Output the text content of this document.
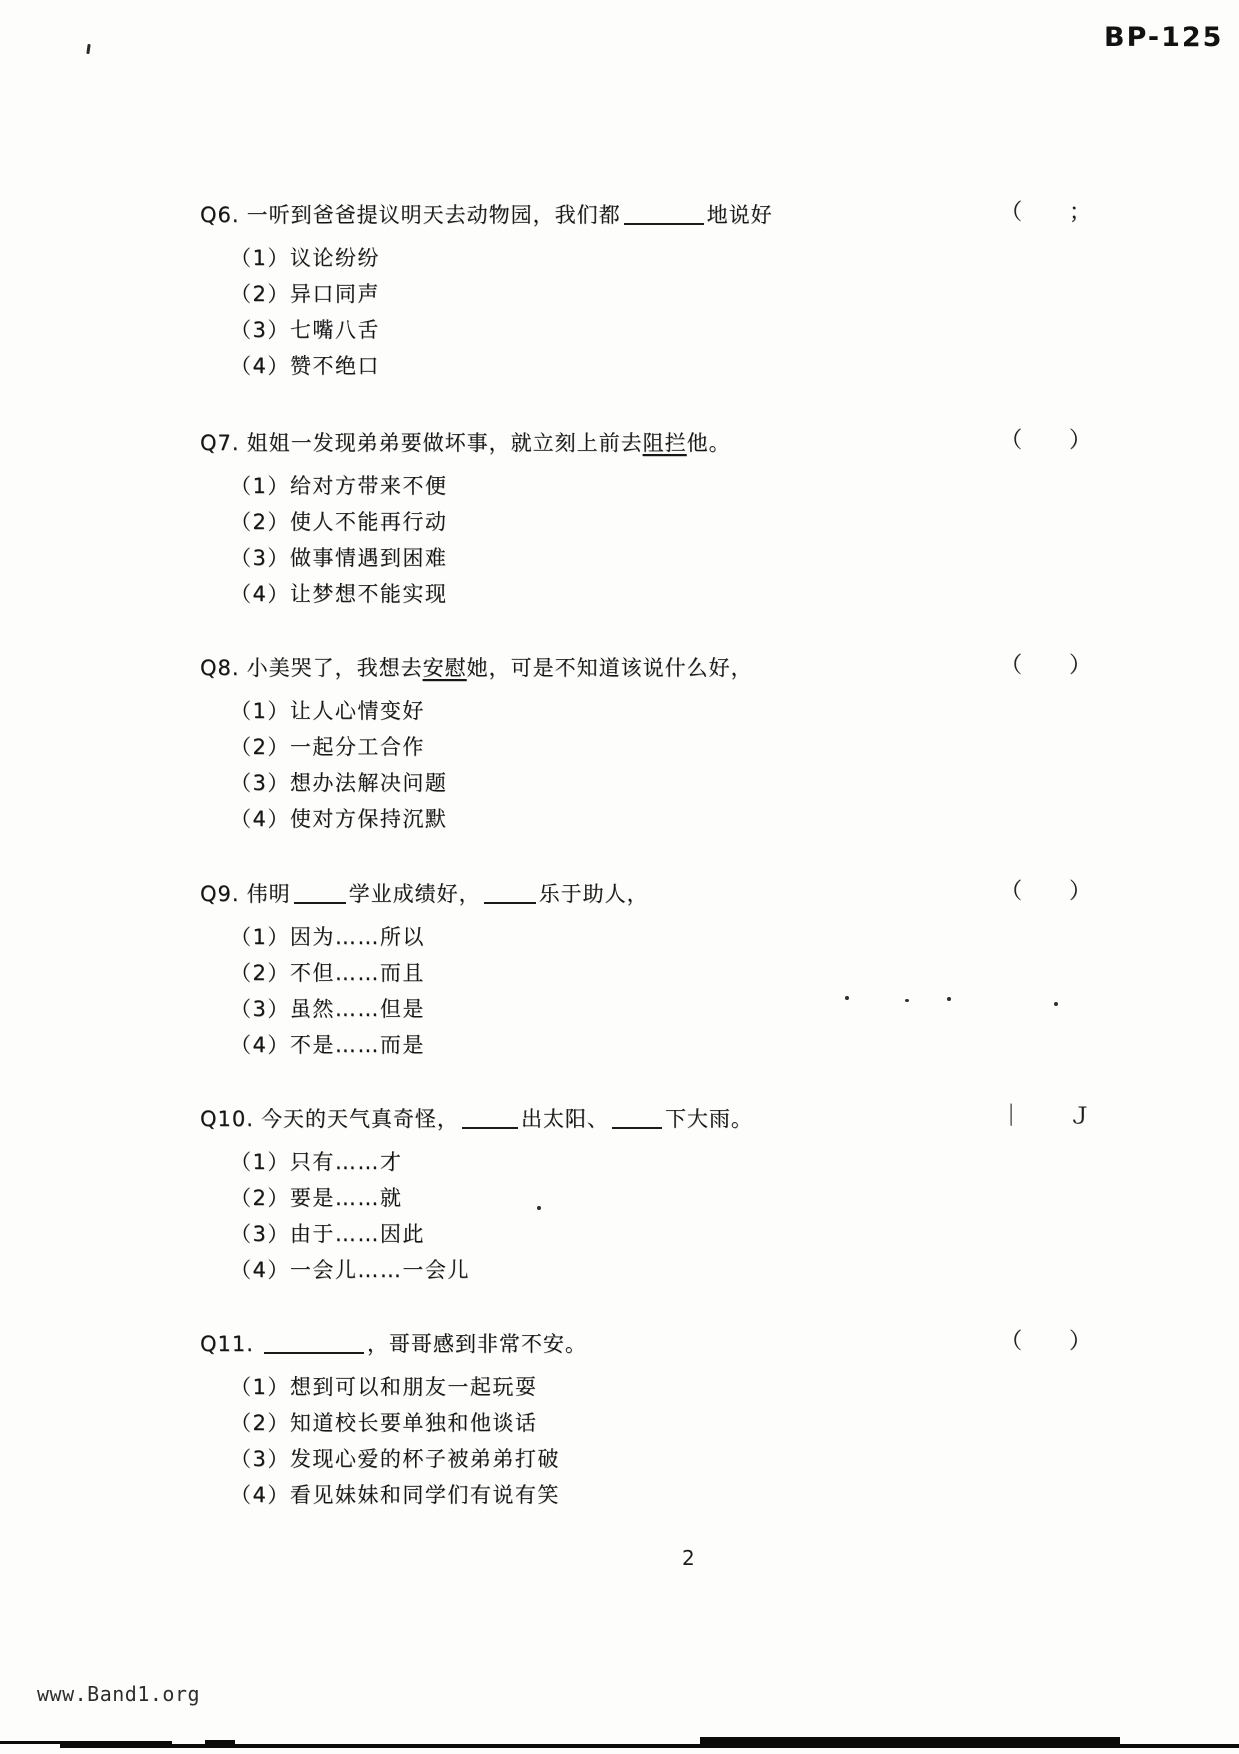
BP-125
Q6. 一听到爸爸提议明天去动物园，我们都	地说好	（ ；
（1）议论纷纷
（2）异口同声
（3）七嘴八舌
（4）赞不绝口
Q7. 姐姐一发现弟弟要做坏事，就立刻上前去阻拦他。	（ ）
（1）给对方带来不便
（2）使人不能再行动
（3）做事情遇到困难
（4）让梦想不能实现
Q8. 小美哭了，我想去安慰她，可是不知道该说什么好，	（ ）
（1）让人心情变好
（2）一起分工合作
（3）想办法解决问题
（4）使对方保持沉默
Q9. 伟明	学业成绩好，	乐于助人，	（ ）
（1）因为……所以
（2）不但……而且
（3）虽然……但是
（4）不是……而是
Q10. 今天的天气真奇怪，	出太阳、	下大雨。	｜ Ｊ
（1）只有……才
（2）要是……就
（3）由于……因此
（4）一会儿……一会儿
Q11.	，哥哥感到非常不安。	（ ）
（1）想到可以和朋友一起玩耍
（2）知道校长要单独和他谈话
（3）发现心爱的杯子被弟弟打破
（4）看见妹妹和同学们有说有笑
2
www.Band1.org
